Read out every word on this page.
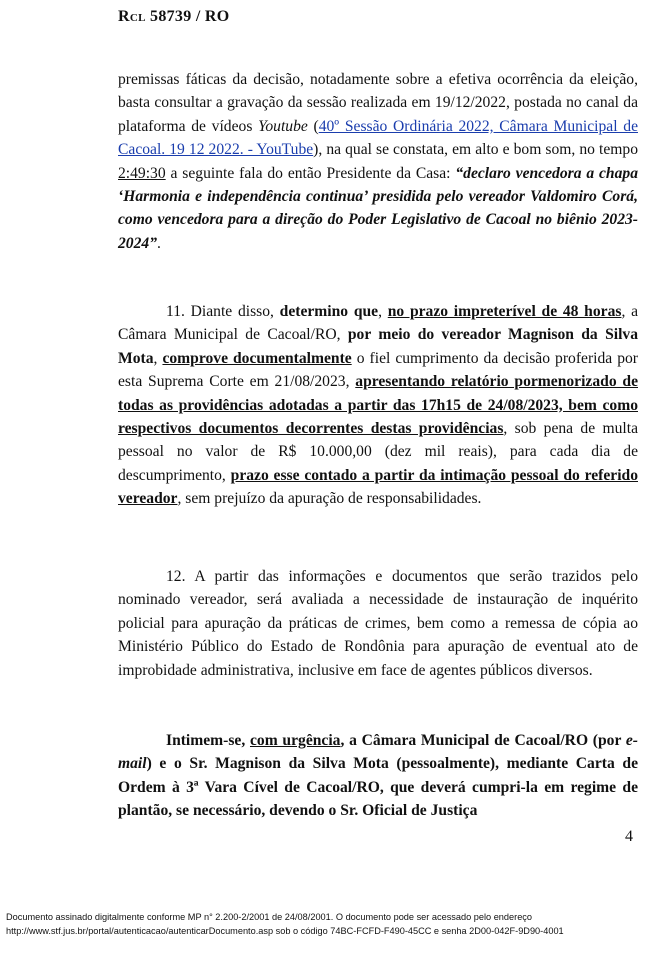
Rcl 58739 / RO
premissas fáticas da decisão, notadamente sobre a efetiva ocorrência da eleição, basta consultar a gravação da sessão realizada em 19/12/2022, postada no canal da plataforma de vídeos Youtube (40º Sessão Ordinária 2022, Câmara Municipal de Cacoal. 19 12 2022. - YouTube), na qual se constata, em alto e bom som, no tempo 2:49:30 a seguinte fala do então Presidente da Casa: “declaro vencedora a chapa ‘Harmonia e independência continua’ presidida pelo vereador Valdomiro Corá, como vencedora para a direção do Poder Legislativo de Cacoal no biênio 2023-2024”.
11. Diante disso, determino que, no prazo impreterível de 48 horas, a Câmara Municipal de Cacoal/RO, por meio do vereador Magnison da Silva Mota, comprove documentalmente o fiel cumprimento da decisão proferida por esta Suprema Corte em 21/08/2023, apresentando relatório pormenorizado de todas as providências adotadas a partir das 17h15 de 24/08/2023, bem como respectivos documentos decorrentes destas providências, sob pena de multa pessoal no valor de R$ 10.000,00 (dez mil reais), para cada dia de descumprimento, prazo esse contado a partir da intimação pessoal do referido vereador, sem prejuízo da apuração de responsabilidades.
12. A partir das informações e documentos que serão trazidos pelo nominado vereador, será avaliada a necessidade de instauração de inquérito policial para apuração da práticas de crimes, bem como a remessa de cópia ao Ministério Público do Estado de Rondônia para apuração de eventual ato de improbidade administrativa, inclusive em face de agentes públicos diversos.
Intimem-se, com urgência, a Câmara Municipal de Cacoal/RO (por e-mail) e o Sr. Magnison da Silva Mota (pessoalmente), mediante Carta de Ordem à 3ª Vara Cível de Cacoal/RO, que deverá cumpri-la em regime de plantão, se necessário, devendo o Sr. Oficial de Justiça
4
Documento assinado digitalmente conforme MP n° 2.200-2/2001 de 24/08/2001. O documento pode ser acessado pelo endereço
http://www.stf.jus.br/portal/autenticacao/autenticarDocumento.asp sob o código 74BC-FCFD-F490-45CC e senha 2D00-042F-9D90-4001
